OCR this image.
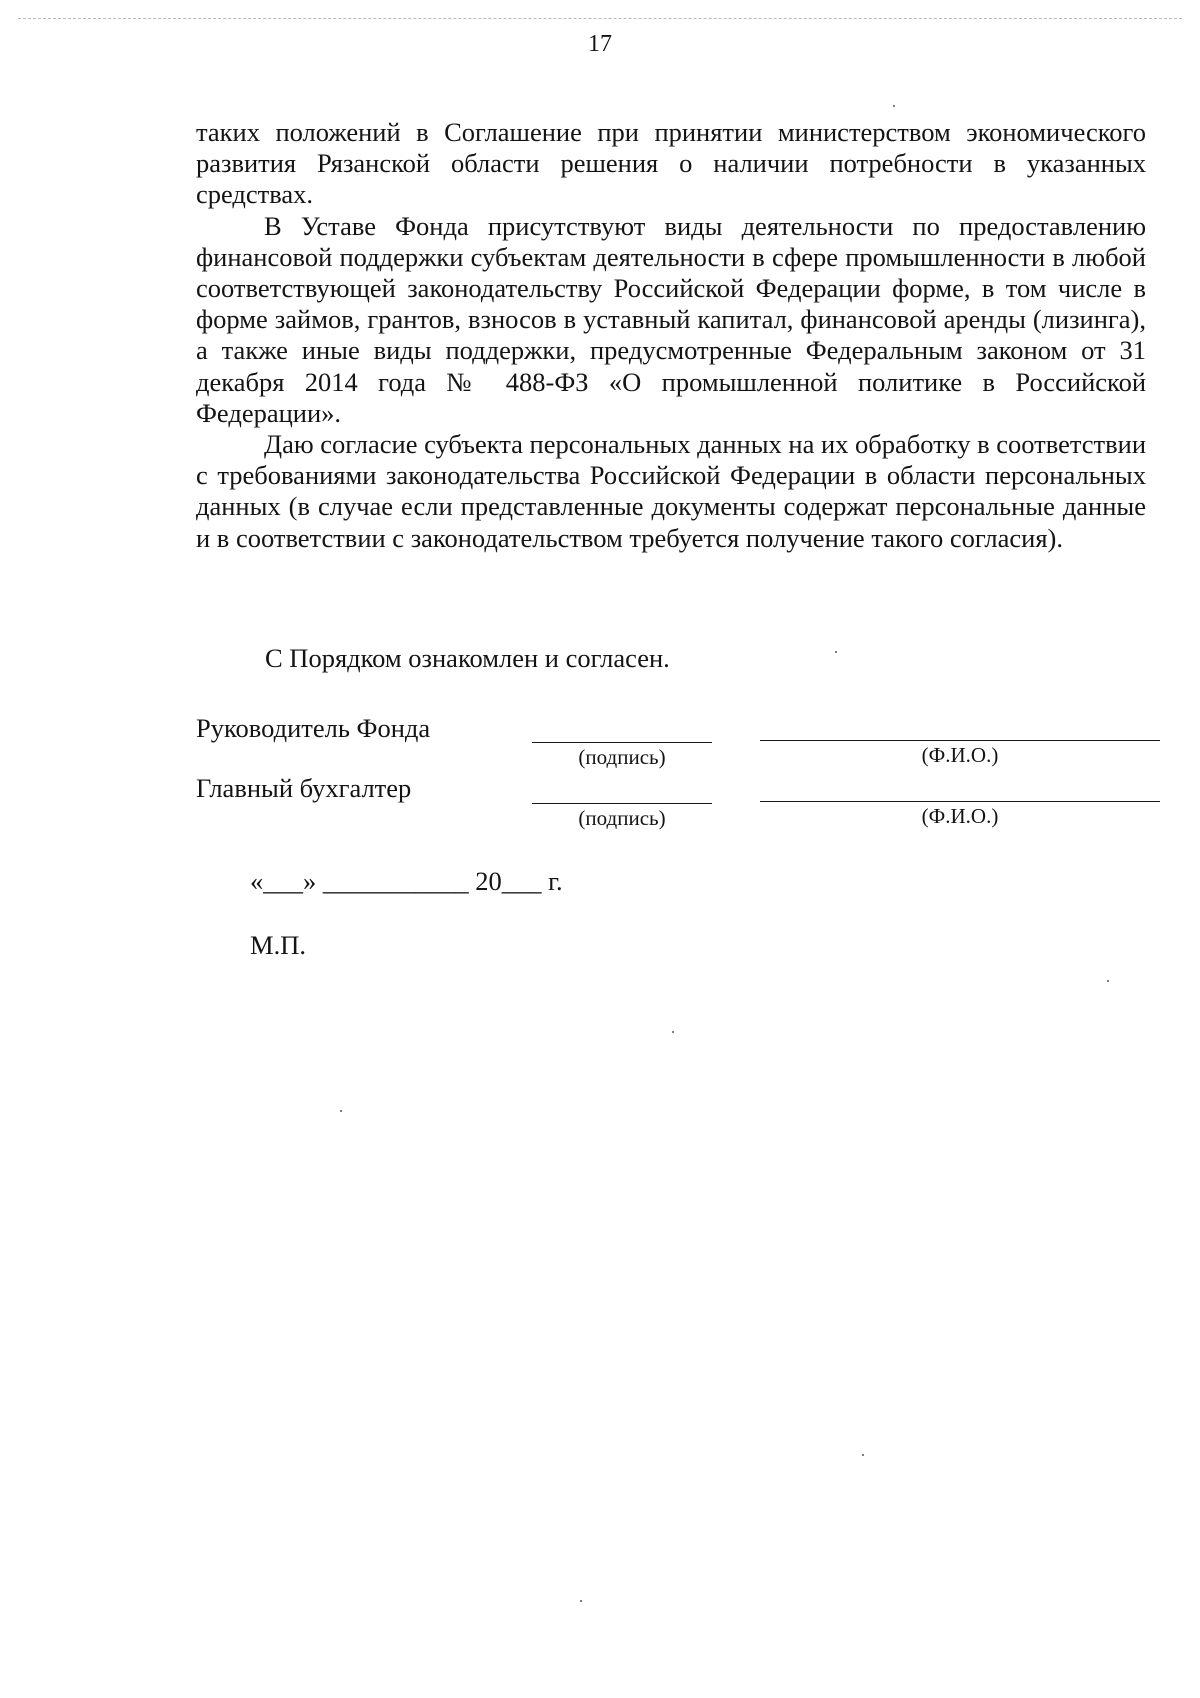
17

таких положений в Соглашение при принятии министерством экономического развития Рязанской области решения о наличии потребности в указанных средствах.

В Уставе Фонда присутствуют виды деятельности по предоставлению финансовой поддержки субъектам деятельности в сфере промышленности в любой соответствующей законодательству Российской Федерации форме, в том числе в форме займов, грантов, взносов в уставный капитал, финансовой аренды (лизинга), а также иные виды поддержки, предусмотренные Федеральным законом от 31 декабря 2014 года № 488-ФЗ «О промышленной политике в Российской Федерации».

Даю согласие субъекта персональных данных на их обработку в соответствии с требованиями законодательства Российской Федерации в области персональных данных (в случае если представленные документы содержат персональные данные и в соответствии с законодательством требуется получение такого согласия).

С Порядком ознакомлен и согласен.
Руководитель Фонда
(подпись)	(Ф.И.О.)
Главный бухгалтер
(подпись)	(Ф.И.О.)
«___» ___________ 20___ г.
М.П.
